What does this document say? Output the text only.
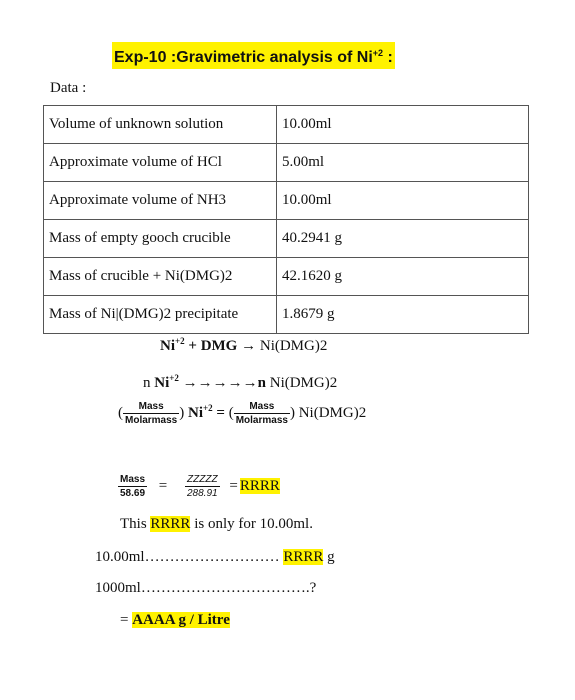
Exp-10 :Gravimetric analysis of $Ni^{+2}$ :
Data :
Volume of unknown solution	10.00ml
Approximate volume of HCl	5.00ml
Approximate volume of NH3	10.00ml
Mass of empty gooch crucible	40.2941 g
Mass of crucible + Ni(DMG)2	42.1620 g
Mass of Ni|(DMG)2 precipitate	1.8679 g
$Ni^{+2}$ + DMG → Ni(DMG)2
n $Ni^{+2} \to\to\to\to\to n$ Ni(DMG)2
( $\frac{\text{Mass}}{\text{Molarmass}}$ ) $Ni^{+2}$ = ( $\frac{\text{Mass}}{\text{Molarmass}}$ ) Ni(DMG)2
$\frac{\text{Mass}}{58.69} = \frac{\text{ZZZZZ}}{288.91}$ = RRRR
This RRRR is only for 10.00ml.
10.00ml……………………… RRRR g
1000ml…………………………….?
= AAAA g / Litre
